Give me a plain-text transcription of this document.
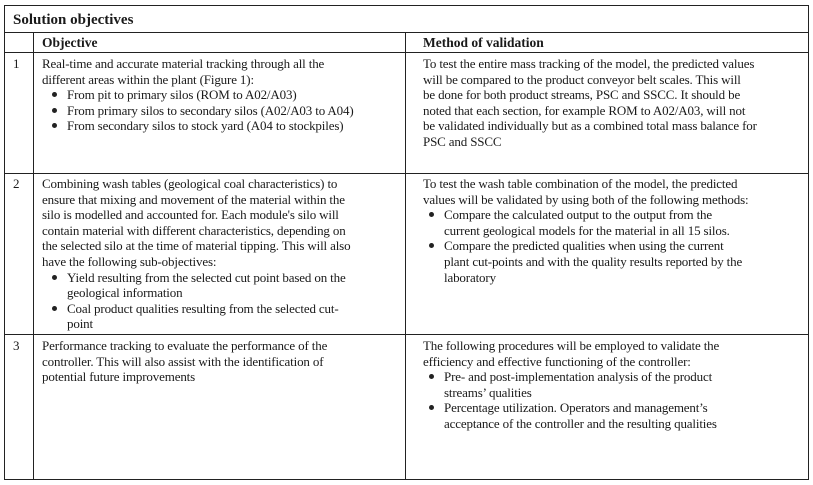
Solution objectives
Objective	Method of validation
1 Real-time and accurate material tracking through all the
different areas within the plant (Figure 1):
From pit to primary silos (ROM to A02/A03)
From primary silos to secondary silos (A02/A03 to A04)
From secondary silos to stock yard (A04 to stockpiles)
To test the entire mass tracking of the model, the predicted values
will be compared to the product conveyor belt scales. This will
be done for both product streams, PSC and SSCC. It should be
noted that each section, for example ROM to A02/A03, will not
be validated individually but as a combined total mass balance for
PSC and SSCC
2 Combining wash tables (geological coal characteristics) to
ensure that mixing and movement of the material within the
silo is modelled and accounted for. Each module's silo will
contain material with different characteristics, depending on
the selected silo at the time of material tipping. This will also
have the following sub-objectives:
Yield resulting from the selected cut point based on the
geological information
Coal product qualities resulting from the selected cut-
point
To test the wash table combination of the model, the predicted
values will be validated by using both of the following methods:
Compare the calculated output to the output from the
current geological models for the material in all 15 silos.
Compare the predicted qualities when using the current
plant cut-points and with the quality results reported by the
laboratory
3 Performance tracking to evaluate the performance of the
controller. This will also assist with the identification of
potential future improvements
The following procedures will be employed to validate the
efficiency and effective functioning of the controller:
Pre- and post-implementation analysis of the product
streams’ qualities
Percentage utilization. Operators and management’s
acceptance of the controller and the resulting qualities
